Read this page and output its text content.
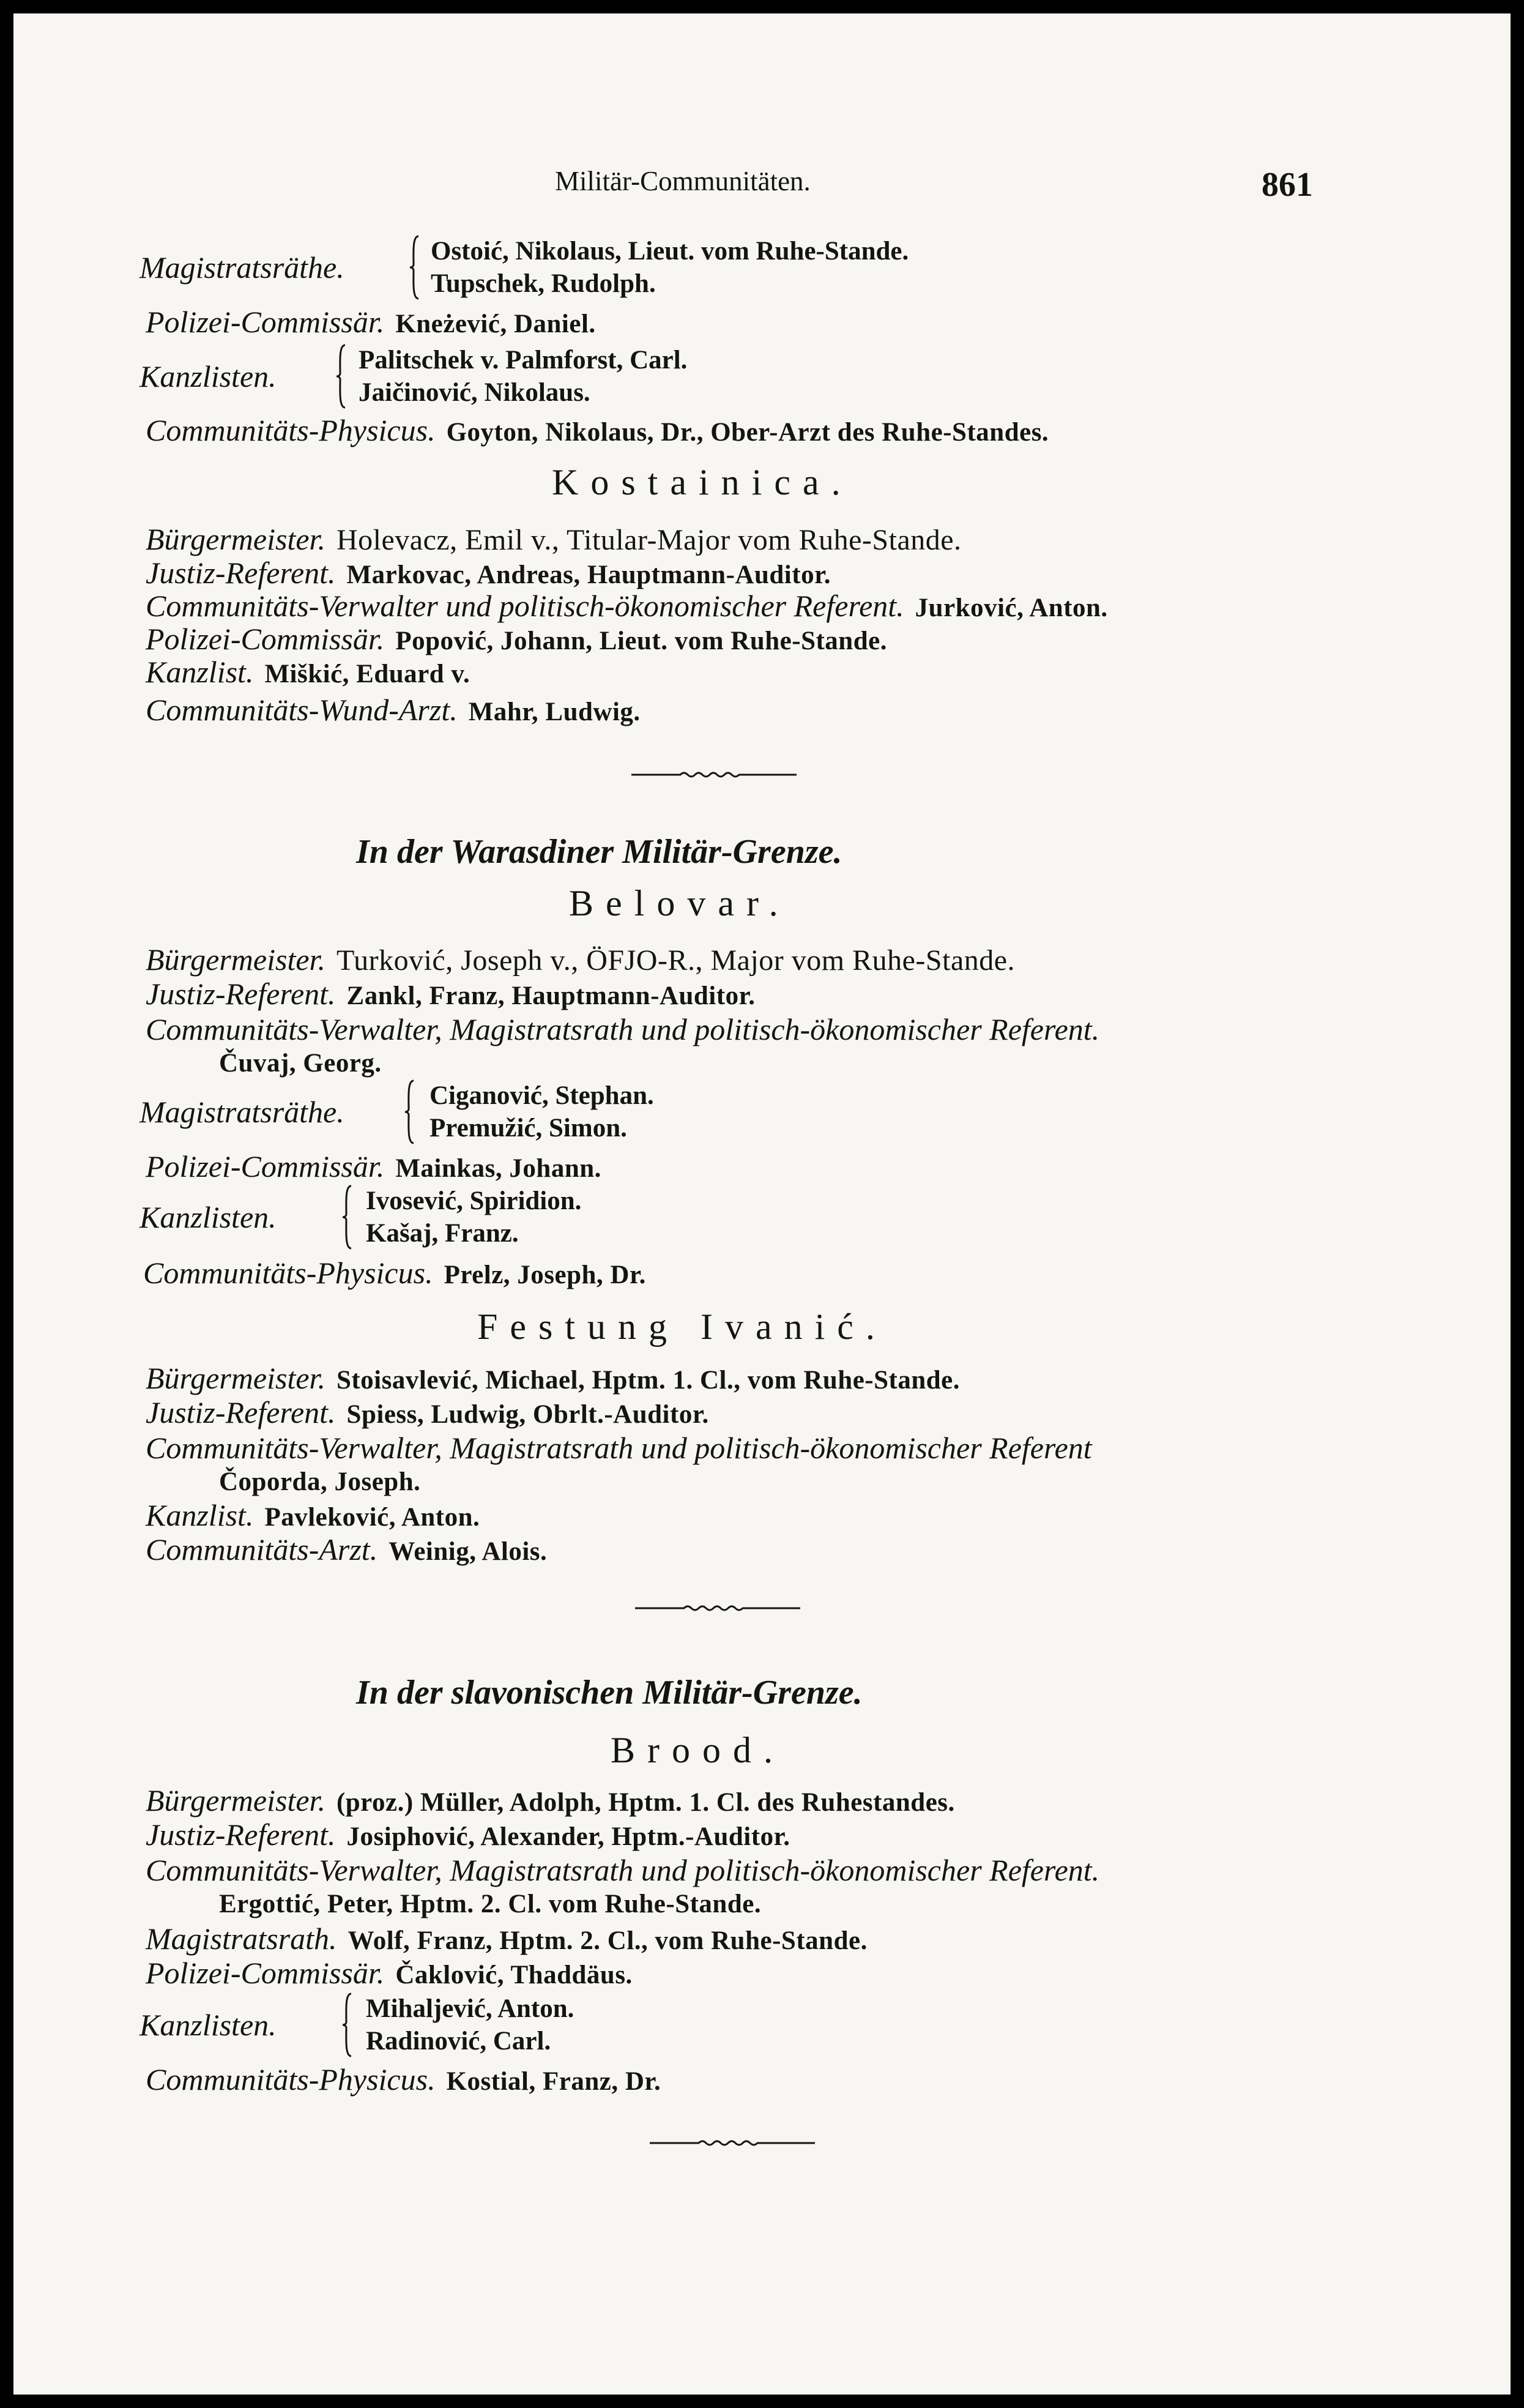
Militär-Communitäten.	861
Magistratsräthe.	Ostoić, Nikolaus, Lieut. vom Ruhe-Stande.
Tupschek, Rudolph.
Polizei-Commissär. Kneżević, Daniel.
Kanzlisten.	Palitschek v. Palmforst, Carl.
Jaičinović, Nikolaus.
Communitäts-Physicus. Goyton, Nikolaus, Dr., Ober-Arzt des Ruhe-Standes.
Kostainica.
Bürgermeister. Holevacz, Emil v., Titular-Major vom Ruhe-Stande.
Justiz-Referent. Markovac, Andreas, Hauptmann-Auditor.
Communitäts-Verwalter und politisch-ökonomischer Referent. Jurković, Anton.
Polizei-Commissär. Popović, Johann, Lieut. vom Ruhe-Stande.
Kanzlist. Miškić, Eduard v.
Communitäts-Wund-Arzt. Mahr, Ludwig.
In der Warasdiner Militär-Grenze.
Belovar.
Bürgermeister. Turković, Joseph v., ÖFJO-R., Major vom Ruhe-Stande.
Justiz-Referent. Zankl, Franz, Hauptmann-Auditor.
Communitäts-Verwalter, Magistratsrath und politisch-ökonomischer Referent.
Čuvaj, Georg.
Magistratsräthe.	Ciganović, Stephan.
Premužić, Simon.
Polizei-Commissär. Mainkas, Johann.
Kanzlisten.	Ivosević, Spiridion.
Kašaj, Franz.
Communitäts-Physicus. Prelz, Joseph, Dr.
Festung Ivanić.
Bürgermeister. Stoisavlević, Michael, Hptm. 1. Cl., vom Ruhe-Stande.
Justiz-Referent. Spiess, Ludwig, Obrlt.-Auditor.
Communitäts-Verwalter, Magistratsrath und politisch-ökonomischer Referent
Čoporda, Joseph.
Kanzlist. Pavleković, Anton.
Communitäts-Arzt. Weinig, Alois.
In der slavonischen Militär-Grenze.
Brood.
Bürgermeister. (proz.) Müller, Adolph, Hptm. 1. Cl. des Ruhestandes.
Justiz-Referent. Josiphović, Alexander, Hptm.-Auditor.
Communitäts-Verwalter, Magistratsrath und politisch-ökonomischer Referent.
Ergottić, Peter, Hptm. 2. Cl. vom Ruhe-Stande.
Magistratsrath. Wolf, Franz, Hptm. 2. Cl., vom Ruhe-Stande.
Polizei-Commissär. Čaklović, Thaddäus.
Kanzlisten.	Mihaljević, Anton.
Radinović, Carl.
Communitäts-Physicus. Kostial, Franz, Dr.
